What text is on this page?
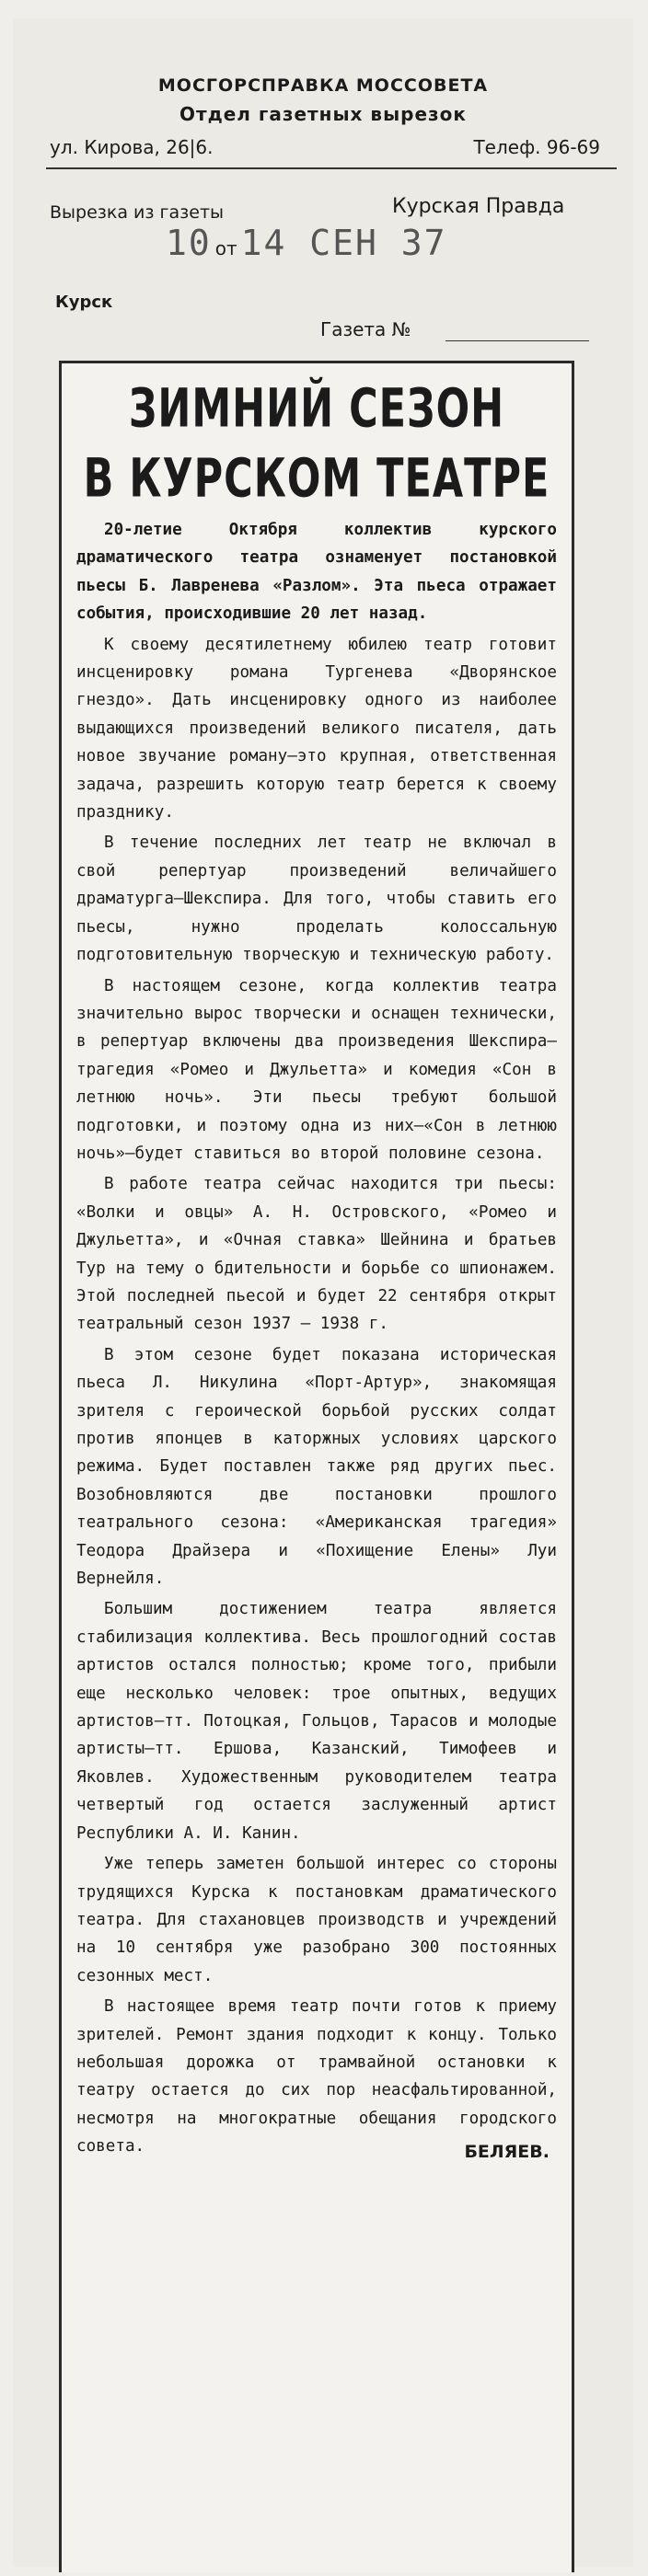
МОСГОРСПРАВКА МОССОВЕТА
Отдел газетных вырезок
ул. Кирова, 26|6.	Телеф. 96-69
Вырезка из газеты	Курская Правда
10 от 14 СЕН 37
Курск
Газета №
ЗИМНИЙ СЕЗОН
В КУРСКОМ ТЕАТРЕ

20-летие Октября коллектив курского драматического театра ознаменует постановкой пьесы Б. Лавренева «Разлом». Эта пьеса отражает события, происходившие 20 лет назад.

К своему десятилетнему юбилею театр готовит инсценировку романа Тургенева «Дворянское гнездо». Дать инсценировку одного из наиболее выдающихся произведений великого писателя, дать новое звучание роману—это крупная, ответственная задача, разрешить которую театр берется к своему празднику.

В течение последних лет театр не включал в свой репертуар произведений величайшего драматурга—Шекспира. Для того, чтобы ставить его пьесы, нужно проделать колоссальную подготовительную творческую и техническую работу.

В настоящем сезоне, когда коллектив театра значительно вырос творчески и оснащен технически, в репертуар включены два произведения Шекспира—трагедия «Ромео и Джульетта» и комедия «Сон в летнюю ночь». Эти пьесы требуют большой подготовки, и поэтому одна из них—«Сон в летнюю ночь»—будет ставиться во второй половине сезона.

В работе театра сейчас находится три пьесы: «Волки и овцы» А. Н. Островского, «Ромео и Джульетта», и «Очная ставка» Шейнина и братьев Тур на тему о бдительности и борьбе со шпионажем. Этой последней пьесой и будет 22 сентября открыт театральный сезон 1937 — 1938 г.

В этом сезоне будет показана историческая пьеса Л. Никулина «Порт-Артур», знакомящая зрителя с героической борьбой русских солдат против японцев в каторжных условиях царского режима. Будет поставлен также ряд других пьес. Возобновляются две постановки прошлого театрального сезона: «Американская трагедия» Теодора Драйзера и «Похищение Елены» Луи Вернейля.

Большим достижением театра является стабилизация коллектива. Весь прошлогодний состав артистов остался полностью; кроме того, прибыли еще несколько человек: трое опытных, ведущих артистов—тт. Потоцкая, Гольцов, Тарасов и молодые артисты—тт. Ершова, Казанский, Тимофеев и Яковлев. Художественным руководителем театра четвертый год остается заслуженный артист Республики А. И. Канин.

Уже теперь заметен большой интерес со стороны трудящихся Курска к постановкам драматического театра. Для стахановцев производств и учреждений на 10 сентября уже разобрано 300 постоянных сезонных мест.

В настоящее время театр почти готов к приему зрителей. Ремонт здания подходит к концу. Только небольшая дорожка от трамвайной остановки к театру остается до сих пор неасфальтированной, несмотря на многократные обещания городского совета.	БЕЛЯЕВ.
